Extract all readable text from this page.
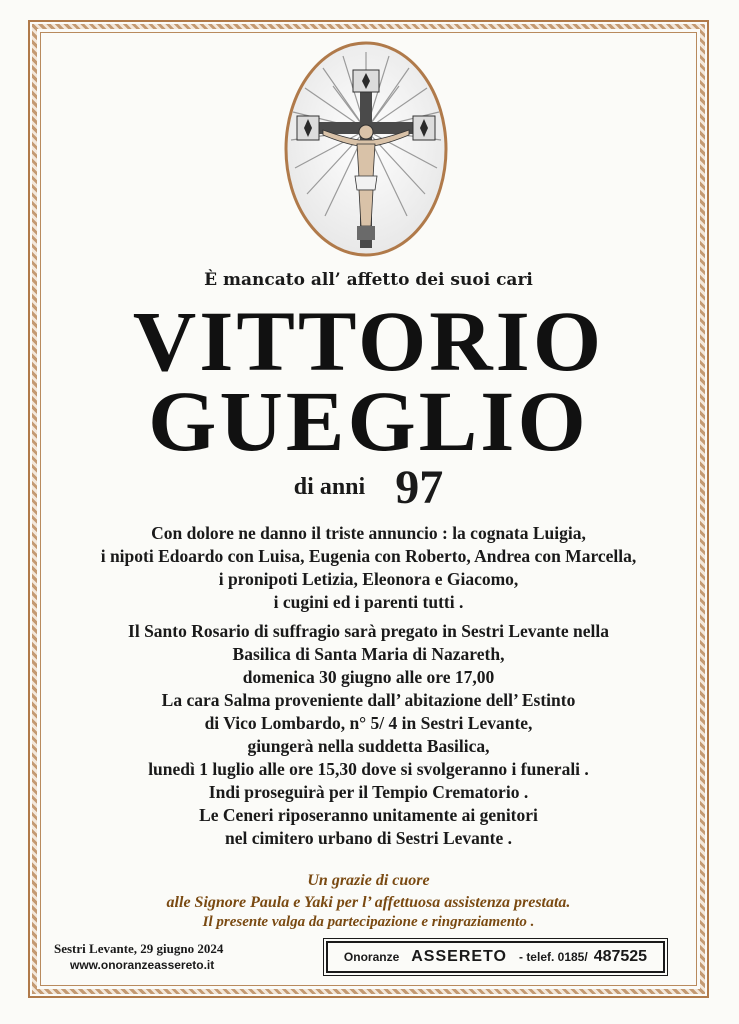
È mancato all’ affetto dei suoi cari
VITTORIO
GUEGLIO
di anni 97
Con dolore ne danno il triste annuncio : la cognata Luigia,
i nipoti Edoardo con Luisa, Eugenia con Roberto, Andrea con Marcella,
i pronipoti Letizia, Eleonora e Giacomo,
i cugini ed i parenti tutti .
Il Santo Rosario di suffragio sarà pregato in Sestri Levante nella
Basilica di Santa Maria di Nazareth,
domenica 30 giugno alle ore 17,00
La cara Salma proveniente dall’ abitazione dell’ Estinto
di Vico Lombardo, n° 5/ 4 in Sestri Levante,
giungerà nella suddetta Basilica,
lunedì 1 luglio alle ore 15,30 dove si svolgeranno i funerali .
Indi proseguirà per il Tempio Crematorio .
Le Ceneri riposeranno unitamente ai genitori
nel cimitero urbano di Sestri Levante .
Un grazie di cuore
alle Signore Paula e Yaki per l’ affettuosa assistenza prestata.
Il presente valga da partecipazione e ringraziamento .
Sestri Levante, 29 giugno 2024
www.onoranzeassereto.it
Onoranze ASSERETO - telef. 0185/ 487525
